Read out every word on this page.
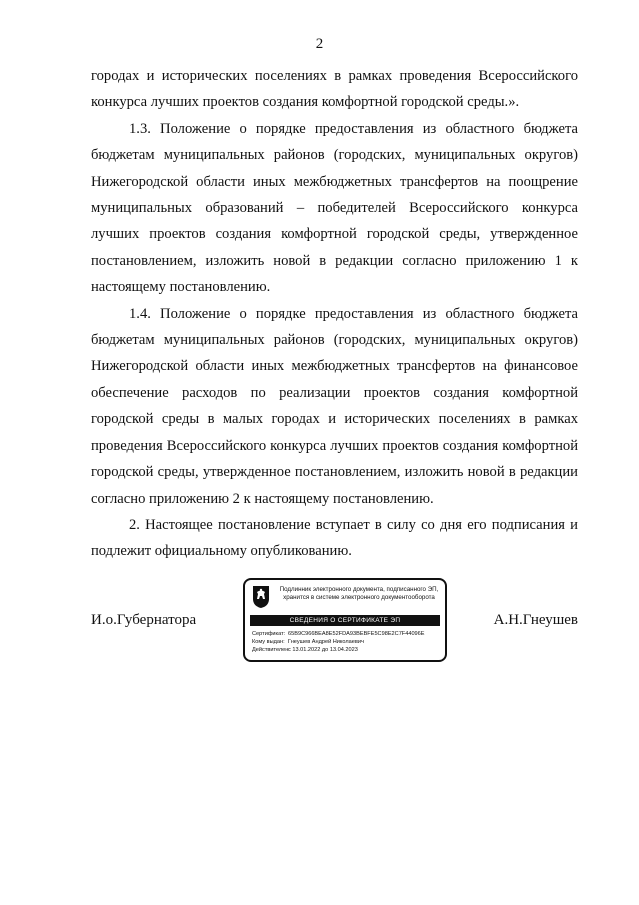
2

городах и исторических поселениях в рамках проведения Всероссийского конкурса лучших проектов создания комфортной городской среды.».

1.3. Положение о порядке предоставления из областного бюджета бюджетам муниципальных районов (городских, муниципальных округов) Нижегородской области иных межбюджетных трансфертов на поощрение муниципальных образований – победителей Всероссийского конкурса лучших проектов создания комфортной городской среды, утвержденное постановлением, изложить новой в редакции согласно приложению 1 к настоящему постановлению.

1.4. Положение о порядке предоставления из областного бюджета бюджетам муниципальных районов (городских, муниципальных округов) Нижегородской области иных межбюджетных трансфертов на финансовое обеспечение расходов по реализации проектов создания комфортной городской среды в малых городах и исторических поселениях в рамках проведения Всероссийского конкурса лучших проектов создания комфортной городской среды, утвержденное постановлением, изложить новой в редакции согласно приложению 2 к настоящему постановлению.

2. Настоящее постановление вступает в силу со дня его подписания и подлежит официальному опубликованию.

И.о.Губернатора
Подлинник электронного документа, подписанного ЭП,
хранится в системе электронного документооборота
СВЕДЕНИЯ О СЕРТИФИКАТЕ ЭП
Сертификат: 65B9C966BEA8E52FDA93BEBFE5C98E2C7F44096E
Кому выдан: Гнеушев Андрей Николаевич
Действителен:с 13.01.2022 до 13.04.2023
А.Н.Гнеушев
